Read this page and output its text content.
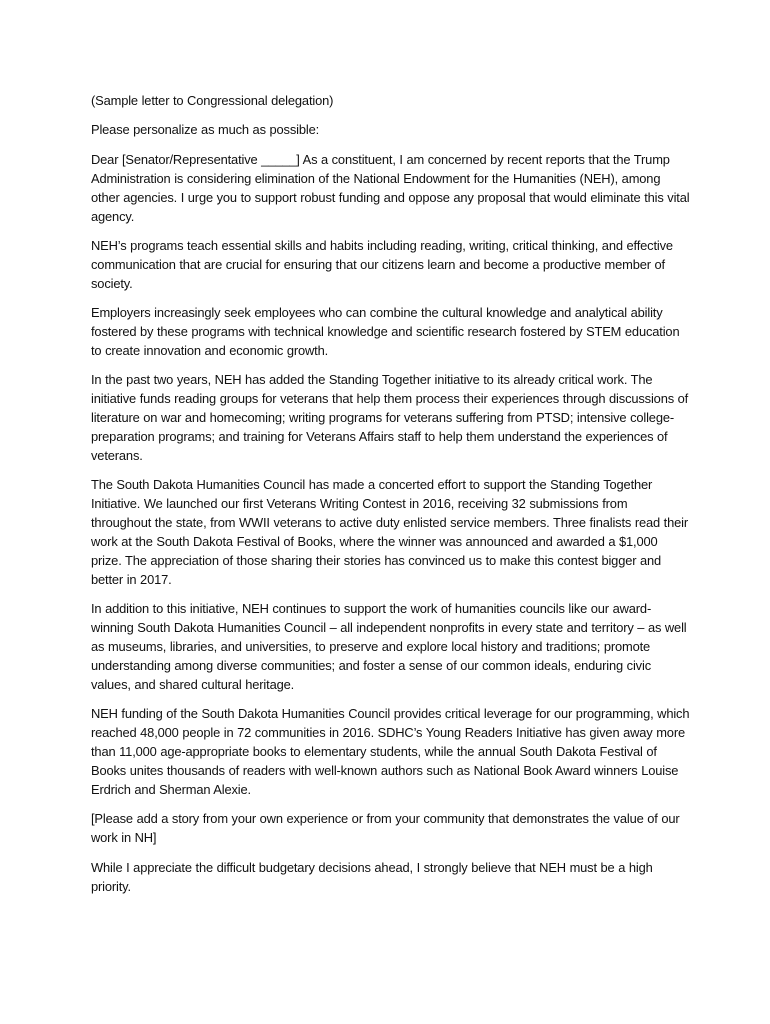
(Sample letter to Congressional delegation)

Please personalize as much as possible:

Dear [Senator/Representative _____] As a constituent, I am concerned by recent reports that the Trump Administration is considering elimination of the National Endowment for the Humanities (NEH), among other agencies. I urge you to support robust funding and oppose any proposal that would eliminate this vital agency.

NEH’s programs teach essential skills and habits including reading, writing, critical thinking, and effective communication that are crucial for ensuring that our citizens learn and become a productive member of society.

Employers increasingly seek employees who can combine the cultural knowledge and analytical ability fostered by these programs with technical knowledge and scientific research fostered by STEM education to create innovation and economic growth.

In the past two years, NEH has added the Standing Together initiative to its already critical work. The initiative funds reading groups for veterans that help them process their experiences through discussions of literature on war and homecoming; writing programs for veterans suffering from PTSD; intensive college-preparation programs; and training for Veterans Affairs staff to help them understand the experiences of veterans.

The South Dakota Humanities Council has made a concerted effort to support the Standing Together Initiative. We launched our first Veterans Writing Contest in 2016, receiving 32 submissions from throughout the state, from WWII veterans to active duty enlisted service members. Three finalists read their work at the South Dakota Festival of Books, where the winner was announced and awarded a $1,000 prize. The appreciation of those sharing their stories has convinced us to make this contest bigger and better in 2017.

In addition to this initiative, NEH continues to support the work of humanities councils like our award-winning South Dakota Humanities Council – all independent nonprofits in every state and territory – as well as museums, libraries, and universities, to preserve and explore local history and traditions; promote understanding among diverse communities; and foster a sense of our common ideals, enduring civic values, and shared cultural heritage.

NEH funding of the South Dakota Humanities Council provides critical leverage for our programming, which reached 48,000 people in 72 communities in 2016. SDHC’s Young Readers Initiative has given away more than 11,000 age-appropriate books to elementary students, while the annual South Dakota Festival of Books unites thousands of readers with well-known authors such as National Book Award winners Louise Erdrich and Sherman Alexie.

[Please add a story from your own experience or from your community that demonstrates the value of our work in NH]

While I appreciate the difficult budgetary decisions ahead, I strongly believe that NEH must be a high priority.
